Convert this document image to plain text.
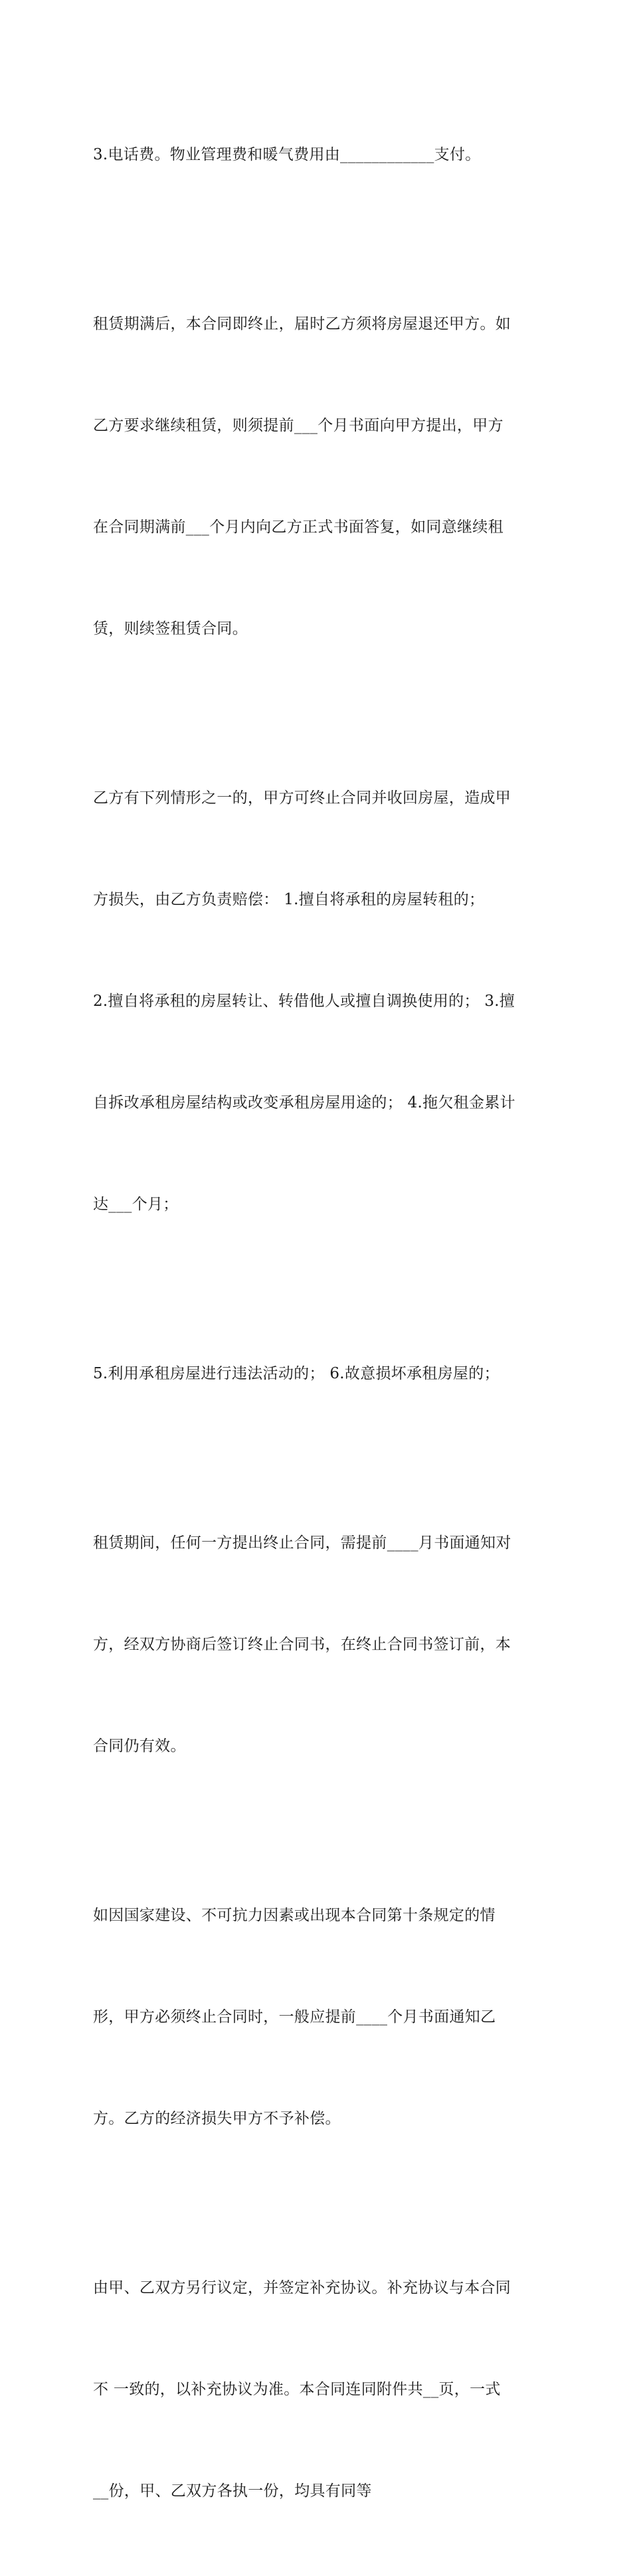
3.电话费。物业管理费和暖气费用由____________支付。

租赁期满后，本合同即终止，届时乙方须将房屋退还甲方。如

乙方要求继续租赁，则须提前___个月书面向甲方提出，甲方

在合同期满前___个月内向乙方正式书面答复，如同意继续租

赁，则续签租赁合同。

乙方有下列情形之一的，甲方可终止合同并收回房屋，造成甲

方损失，由乙方负责赔偿： 1.擅自将承租的房屋转租的；

2.擅自将承租的房屋转让、转借他人或擅自调换使用的； 3.擅

自拆改承租房屋结构或改变承租房屋用途的； 4.拖欠租金累计

达___个月；

5.利用承租房屋进行违法活动的； 6.故意损坏承租房屋的；

租赁期间，任何一方提出终止合同，需提前____月书面通知对

方，经双方协商后签订终止合同书，在终止合同书签订前，本

合同仍有效。

如因国家建设、不可抗力因素或出现本合同第十条规定的情

形，甲方必须终止合同时，一般应提前____个月书面通知乙

方。乙方的经济损失甲方不予补偿。

由甲、乙双方另行议定，并签定补充协议。补充协议与本合同

不 一致的，以补充协议为准。本合同连同附件共__页，一式

__份，甲、乙双方各执一份，均具有同等
